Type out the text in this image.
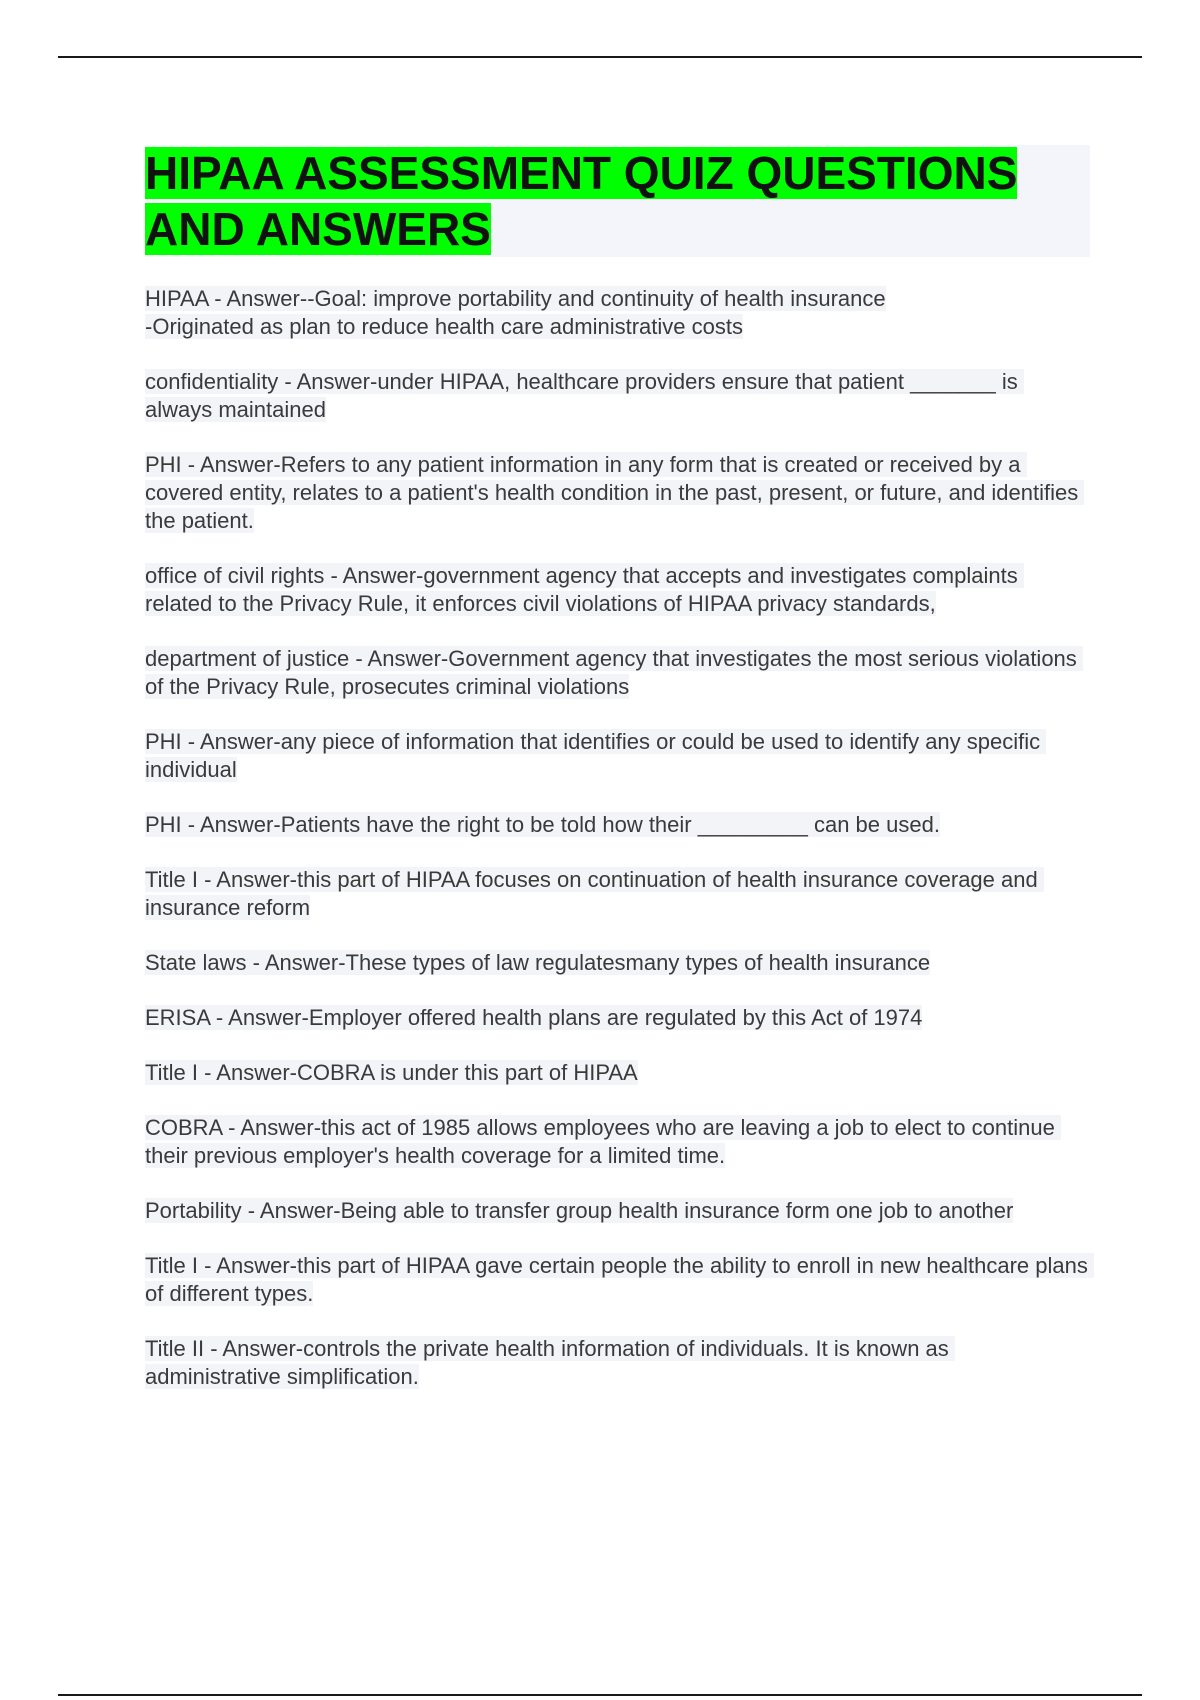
HIPAA ASSESSMENT QUIZ QUESTIONS AND ANSWERS
HIPAA - Answer--Goal: improve portability and continuity of health insurance
-Originated as plan to reduce health care administrative costs
confidentiality - Answer-under HIPAA, healthcare providers ensure that patient _______ is always maintained
PHI - Answer-Refers to any patient information in any form that is created or received by a covered entity, relates to a patient's health condition in the past, present, or future, and identifies the patient.
office of civil rights - Answer-government agency that accepts and investigates complaints related to the Privacy Rule, it enforces civil violations of HIPAA privacy standards,
department of justice - Answer-Government agency that investigates the most serious violations of the Privacy Rule, prosecutes criminal violations
PHI - Answer-any piece of information that identifies or could be used to identify any specific individual
PHI - Answer-Patients have the right to be told how their _________ can be used.
Title I - Answer-this part of HIPAA focuses on continuation of health insurance coverage and insurance reform
State laws - Answer-These types of law regulatesmany types of health insurance
ERISA - Answer-Employer offered health plans are regulated by this Act of 1974
Title I - Answer-COBRA is under this part of HIPAA
COBRA - Answer-this act of 1985 allows employees who are leaving a job to elect to continue their previous employer's health coverage for a limited time.
Portability - Answer-Being able to transfer group health insurance form one job to another
Title I - Answer-this part of HIPAA gave certain people the ability to enroll in new healthcare plans of different types.
Title II - Answer-controls the private health information of individuals. It is known as administrative simplification.
